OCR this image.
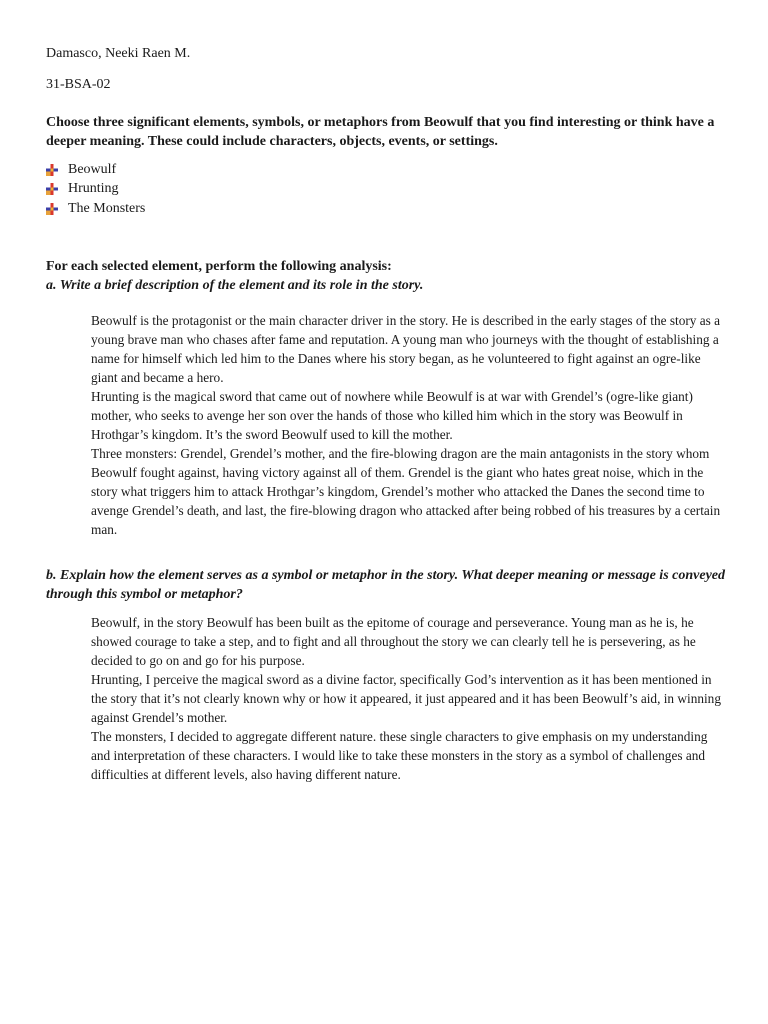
Damasco, Neeki Raen M.
31-BSA-02
Choose three significant elements, symbols, or metaphors from Beowulf that you find interesting or think have a deeper meaning. These could include characters, objects, events, or settings.
Beowulf
Hrunting
The Monsters
For each selected element, perform the following analysis:
a. Write a brief description of the element and its role in the story.

Beowulf is the protagonist or the main character driver in the story. He is described in the early stages of the story as a young brave man who chases after fame and reputation. A young man who journeys with the thought of establishing a name for himself which led him to the Danes where his story began, as he volunteered to fight against an ogre-like giant and became a hero.

Hrunting is the magical sword that came out of nowhere while Beowulf is at war with Grendel’s (ogre-like giant) mother, who seeks to avenge her son over the hands of those who killed him which in the story was Beowulf in Hrothgar’s kingdom. It’s the sword Beowulf used to kill the mother.

Three monsters: Grendel, Grendel’s mother, and the fire-blowing dragon are the main antagonists in the story whom Beowulf fought against, having victory against all of them. Grendel is the giant who hates great noise, which in the story what triggers him to attack Hrothgar’s kingdom, Grendel’s mother who attacked the Danes the second time to avenge Grendel’s death, and last, the fire-blowing dragon who attacked after being robbed of his treasures by a certain man.

b. Explain how the element serves as a symbol or metaphor in the story. What deeper meaning or message is conveyed through this symbol or metaphor?

Beowulf, in the story Beowulf has been built as the epitome of courage and perseverance. Young man as he is, he showed courage to take a step, and to fight and all throughout the story we can clearly tell he is persevering, as he decided to go on and go for his purpose.

Hrunting, I perceive the magical sword as a divine factor, specifically God’s intervention as it has been mentioned in the story that it’s not clearly known why or how it appeared, it just appeared and it has been Beowulf’s aid, in winning against Grendel’s mother.

The monsters, I decided to aggregate different nature. these single characters to give emphasis on my understanding and interpretation of these characters. I would like to take these monsters in the story as a symbol of challenges and difficulties at different levels, also having different nature.
